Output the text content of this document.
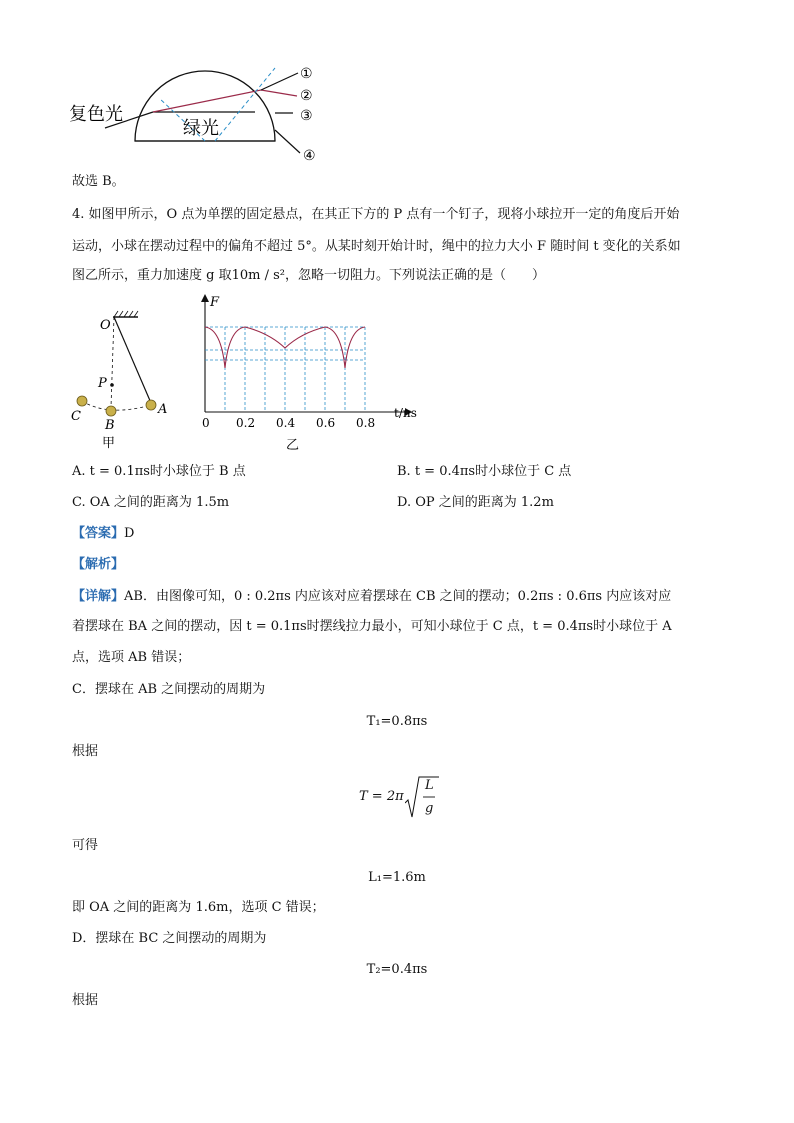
复色光
绿光
①
②
③
④
故选 B。
4. 如图甲所示，O 点为单摆的固定悬点，在其正下方的 P 点有一个钉子，现将小球拉开一定的角度后开始
运动，小球在摆动过程中的偏角不超过 5°。从某时刻开始计时，绳中的拉力大小 F 随时间 t 变化的关系如
图乙所示，重力加速度 g 取10m / s²，忽略一切阻力。下列说法正确的是（　　）
O
P
C
B
A
甲
0 0.2 0.4 0.6 0.8
F
t/πs
乙
A. t = 0.1πs时小球位于 B 点	B. t = 0.4πs时小球位于 C 点
C. OA 之间的距离为 1.5m	D. OP 之间的距离为 1.2m
【答案】D
【解析】
【详解】AB．由图像可知，0 : 0.2πs 内应该对应着摆球在 CB 之间的摆动；0.2πs : 0.6πs 内应该对应
着摆球在 BA 之间的摆动，因 t = 0.1πs时摆线拉力最小，可知小球位于 C 点，t = 0.4πs时小球位于 A
点，选项 AB 错误；
C．摆球在 AB 之间摆动的周期为
T₁=0.8πs
根据
T = 2π
L
g
可得
L₁=1.6m
即 OA 之间的距离为 1.6m，选项 C 错误；
D．摆球在 BC 之间摆动的周期为
T₂=0.4πs
根据
